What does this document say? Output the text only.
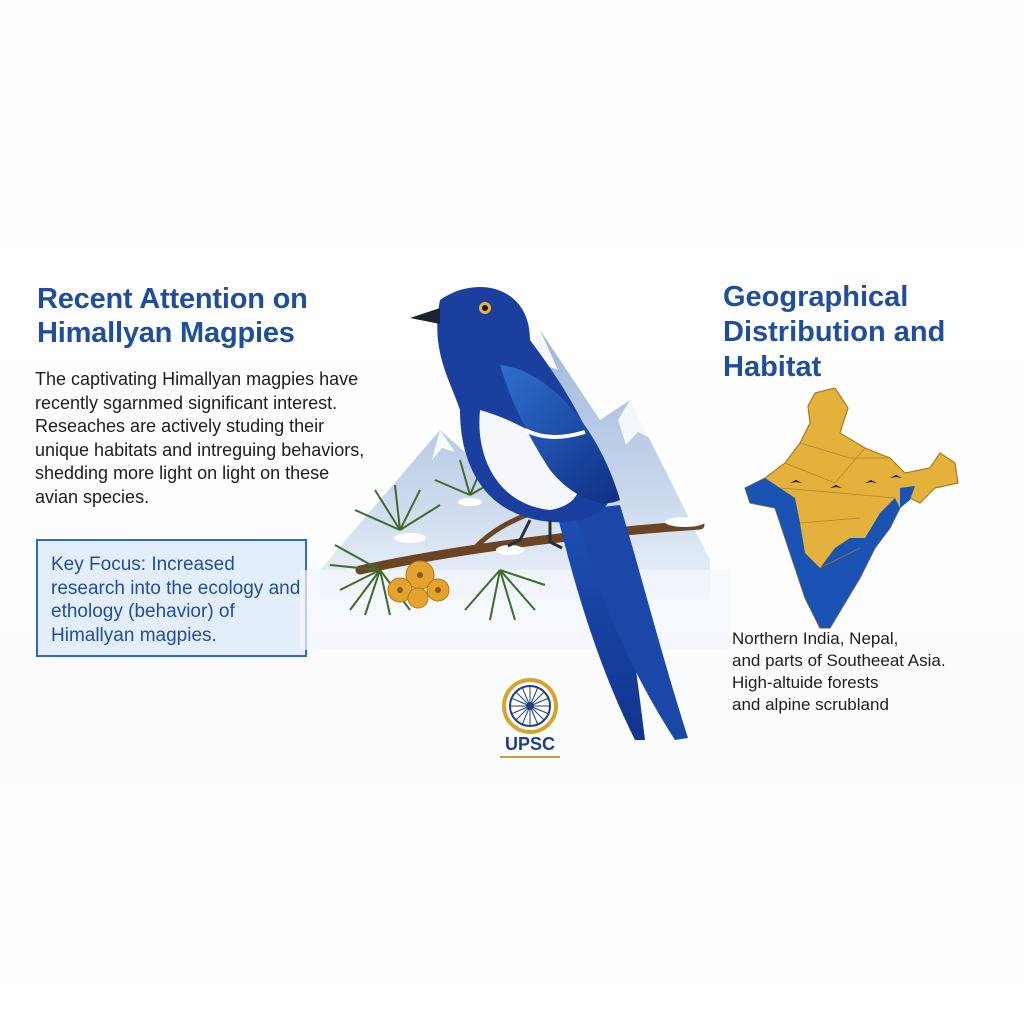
Recent Attention on Himallyan Magpies

The captivating Himallyan magpies have recently sgarnmed significant interest. Reseaches are actively studing their unique habitats and intreguing behaviors, shedding more light on light on these avian species.

Key Focus: Increased research into the ecology and ethology (behavior) of Himallyan magpies.

Geographical Distribution and Habitat

Northern India, Nepal,
and parts of Southeeat Asia.
High-altuide forests
and alpine scrubland

UPSC
